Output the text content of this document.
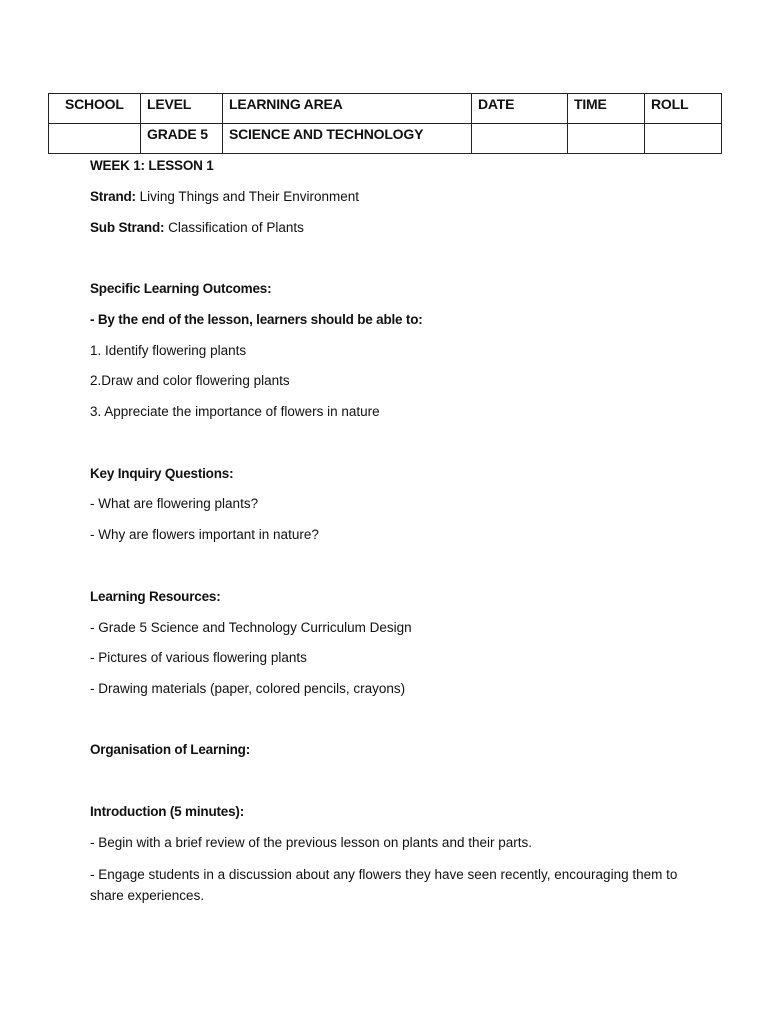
SCHOOL	LEVEL	LEARNING AREA	DATE	TIME	ROLL
	GRADE 5	SCIENCE AND TECHNOLOGY			

WEEK 1: LESSON 1

Strand: Living Things and Their Environment

Sub Strand: Classification of Plants

Specific Learning Outcomes:

- By the end of the lesson, learners should be able to:

1. Identify flowering plants

2.Draw and color flowering plants

3. Appreciate the importance of flowers in nature

Key Inquiry Questions:

- What are flowering plants?

- Why are flowers important in nature?

Learning Resources:

- Grade 5 Science and Technology Curriculum Design

- Pictures of various flowering plants

- Drawing materials (paper, colored pencils, crayons)

Organisation of Learning:

Introduction (5 minutes):

- Begin with a brief review of the previous lesson on plants and their parts.

- Engage students in a discussion about any flowers they have seen recently, encouraging them to share experiences.
